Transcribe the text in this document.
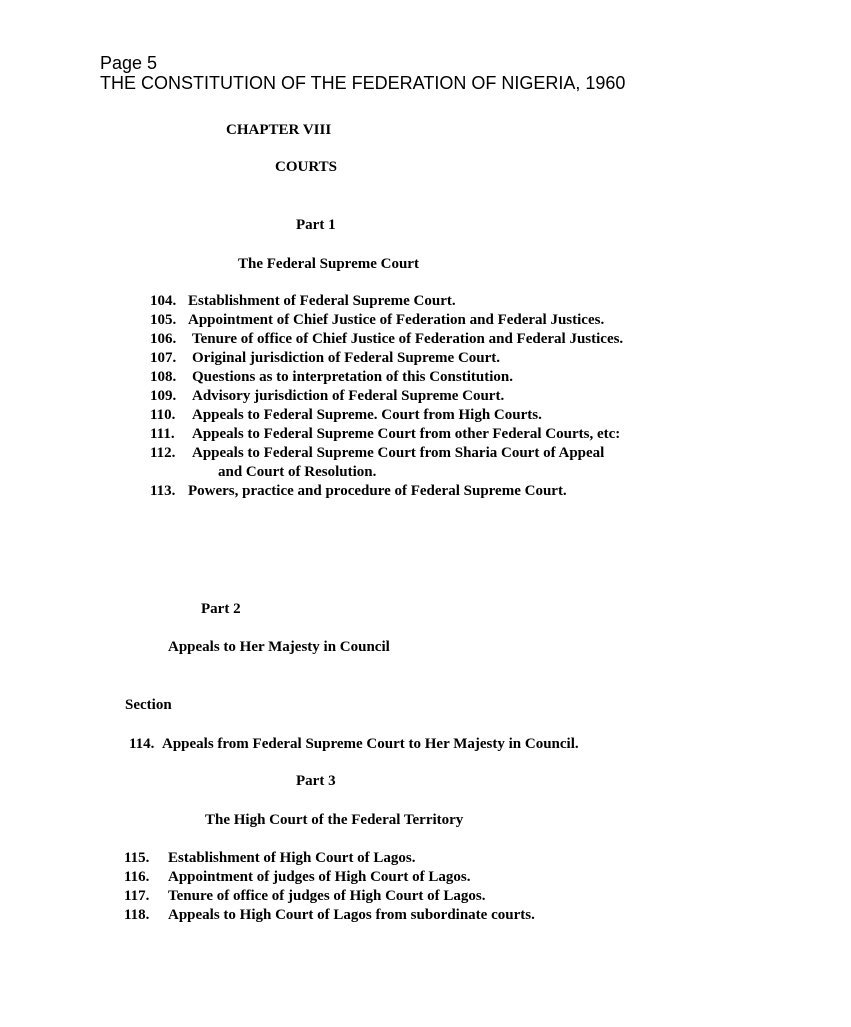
Page 5
THE CONSTITUTION OF THE FEDERATION OF NIGERIA, 1960
CHAPTER VIII
COURTS
Part 1
The Federal Supreme Court
104. Establishment of Federal Supreme Court.
105. Appointment of Chief Justice of Federation and Federal Justices.
106. Tenure of office of Chief Justice of Federation and Federal Justices.
107. Original jurisdiction of Federal Supreme Court.
108. Questions as to interpretation of this Constitution.
109. Advisory jurisdiction of Federal Supreme Court.
110. Appeals to Federal Supreme. Court from High Courts.
111. Appeals to Federal Supreme Court from other Federal Courts, etc:
112. Appeals to Federal Supreme Court from Sharia Court of Appeal
and Court of Resolution.
113. Powers, practice and procedure of Federal Supreme Court.
Part 2
Appeals to Her Majesty in Council
Section
114. Appeals from Federal Supreme Court to Her Majesty in Council.
Part 3
The High Court of the Federal Territory
115. Establishment of High Court of Lagos.
116. Appointment of judges of High Court of Lagos.
117. Tenure of office of judges of High Court of Lagos.
118. Appeals to High Court of Lagos from subordinate courts.
